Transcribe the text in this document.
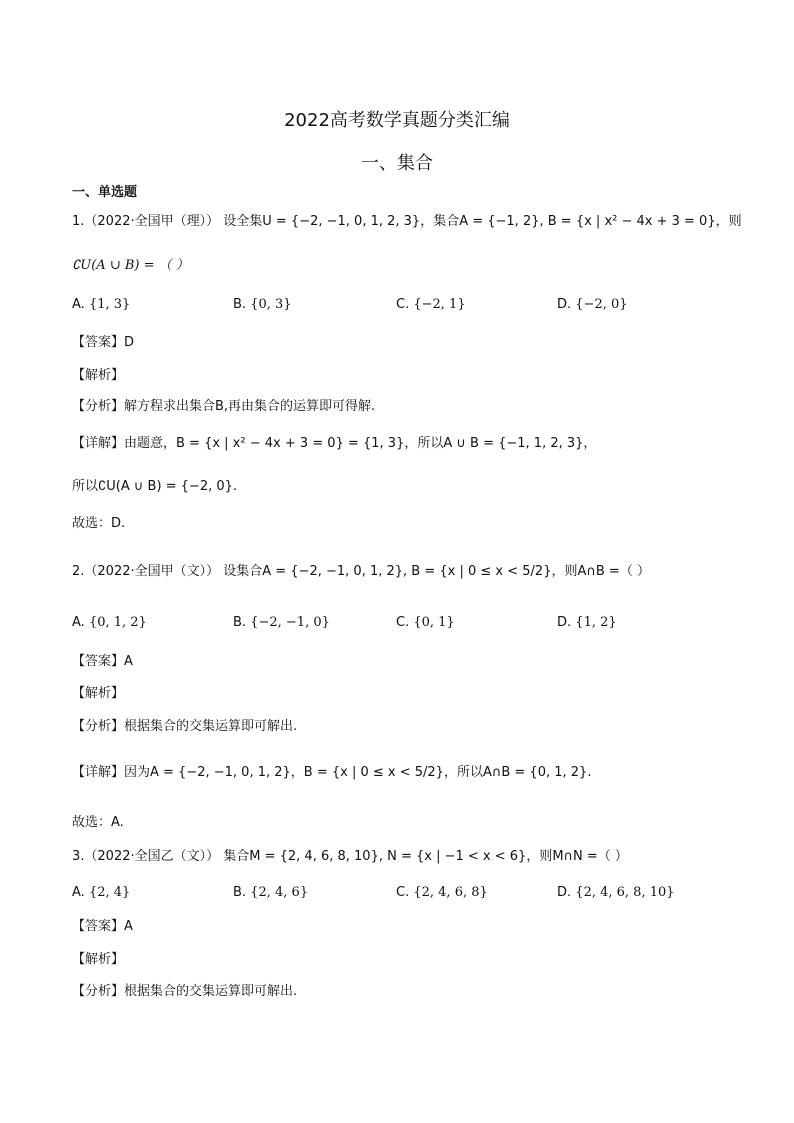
2022高考数学真题分类汇编
一、集合
一、单选题
1.（2022·全国甲（理）） 设全集U = {−2, −1, 0, 1, 2, 3}，集合A = {−1, 2}, B = {x | x² − 4x + 3 = 0}，则
∁U(A ∪ B) = （ ）
A. {1, 3}	B. {0, 3}	C. {−2, 1}	D. {−2, 0}
【答案】D
【解析】
【分析】解方程求出集合B,再由集合的运算即可得解.
【详解】由题意，B = {x | x² − 4x + 3 = 0} = {1, 3}，所以A ∪ B = {−1, 1, 2, 3}，
所以∁U(A ∪ B) = {−2, 0}.
故选：D.
2.（2022·全国甲（文）） 设集合A = {−2, −1, 0, 1, 2}, B = {x | 0 ≤ x < 5/2}，则A∩B =（ ）
A. {0, 1, 2}	B. {−2, −1, 0}	C. {0, 1}	D. {1, 2}
【答案】A
【解析】
【分析】根据集合的交集运算即可解出.
【详解】因为A = {−2, −1, 0, 1, 2}，B = {x | 0 ≤ x < 5/2}，所以A∩B = {0, 1, 2}.
故选：A.
3.（2022·全国乙（文）） 集合M = {2, 4, 6, 8, 10}, N = {x | −1 < x < 6}，则M∩N =（ ）
A. {2, 4}	B. {2, 4, 6}	C. {2, 4, 6, 8}	D. {2, 4, 6, 8, 10}
【答案】A
【解析】
【分析】根据集合的交集运算即可解出.
